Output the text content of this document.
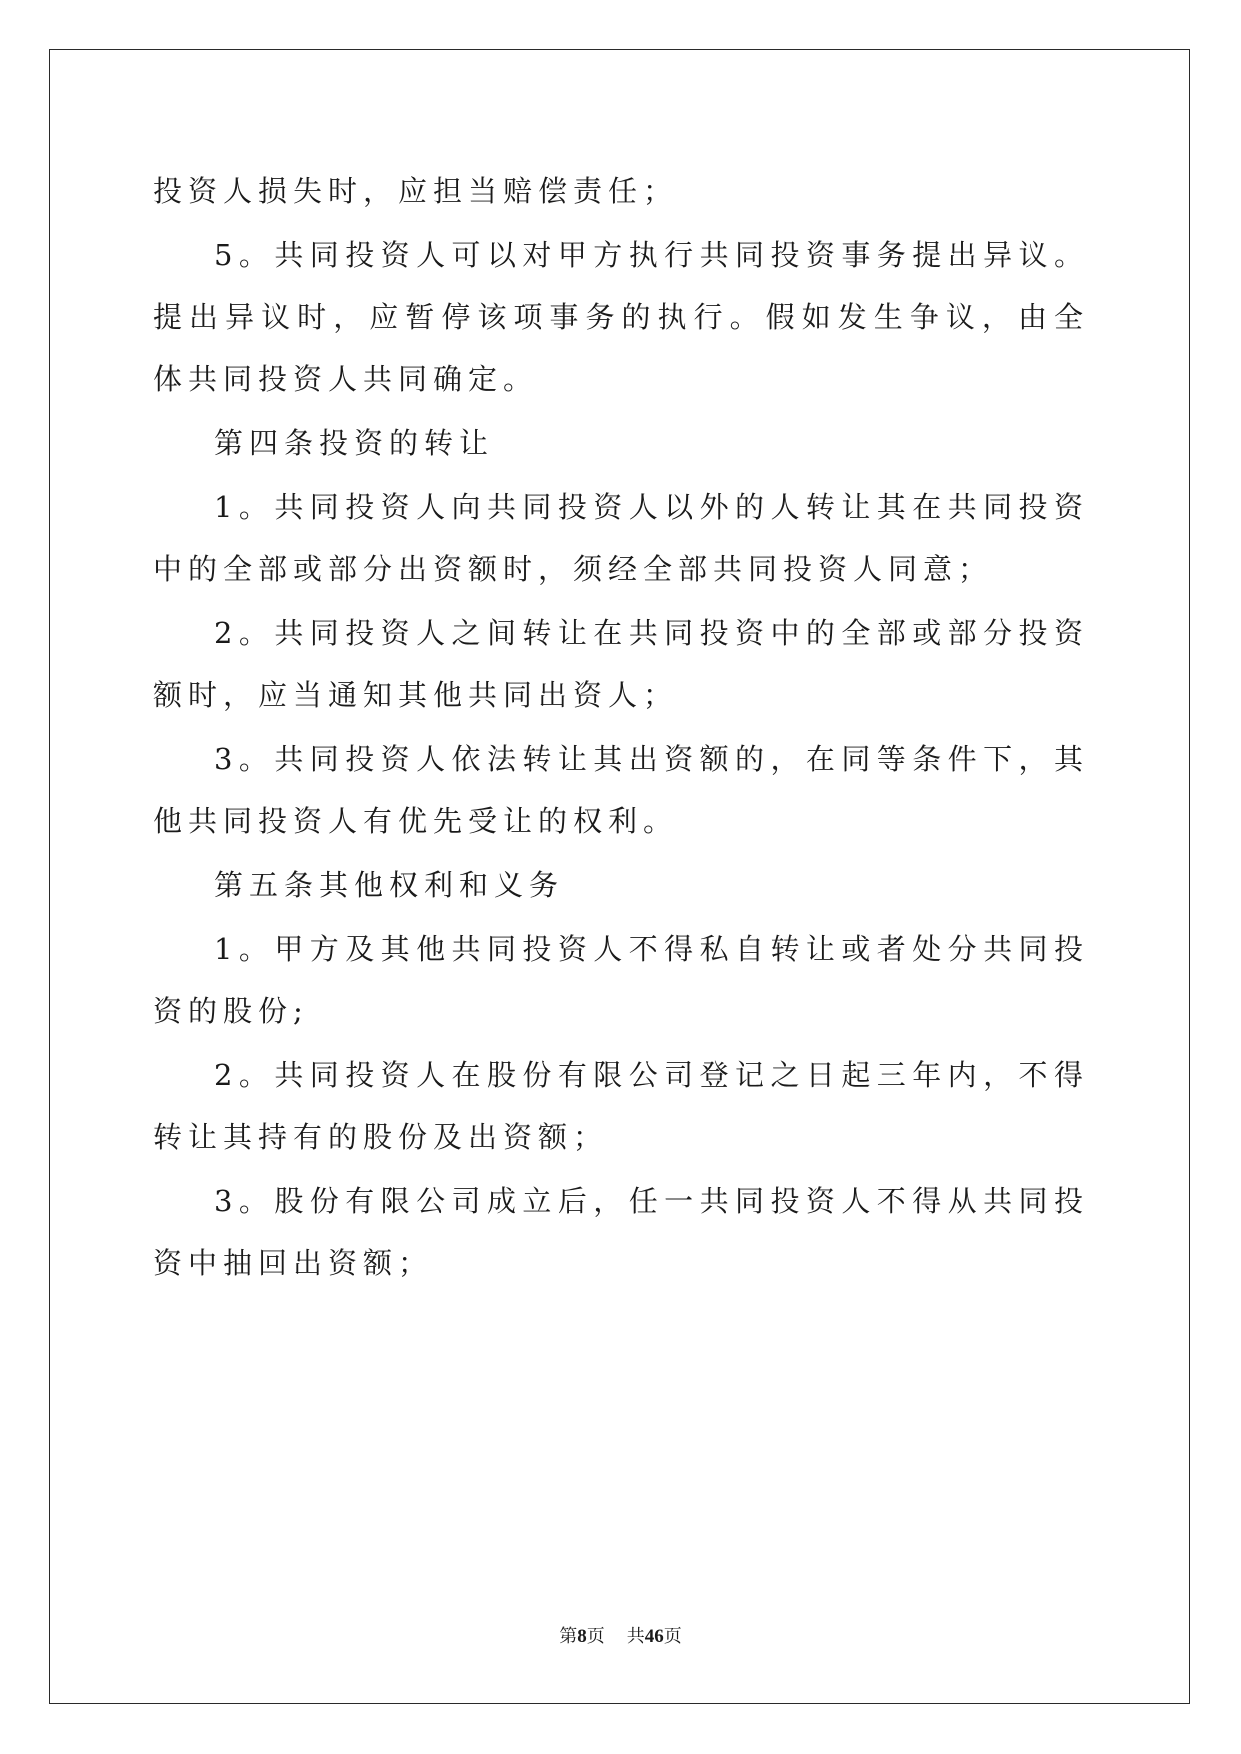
投资人损失时，应担当赔偿责任；

5。共同投资人可以对甲方执行共同投资事务提出异议。提出异议时，应暂停该项事务的执行。假如发生争议，由全体共同投资人共同确定。

第四条投资的转让

1。共同投资人向共同投资人以外的人转让其在共同投资中的全部或部分出资额时，须经全部共同投资人同意；

2。共同投资人之间转让在共同投资中的全部或部分投资额时，应当通知其他共同出资人；

3。共同投资人依法转让其出资额的，在同等条件下，其他共同投资人有优先受让的权利。

第五条其他权利和义务

1。甲方及其他共同投资人不得私自转让或者处分共同投资的股份;

2。共同投资人在股份有限公司登记之日起三年内，不得转让其持有的股份及出资额；

3。股份有限公司成立后，任一共同投资人不得从共同投资中抽回出资额；

第8页 共46页
